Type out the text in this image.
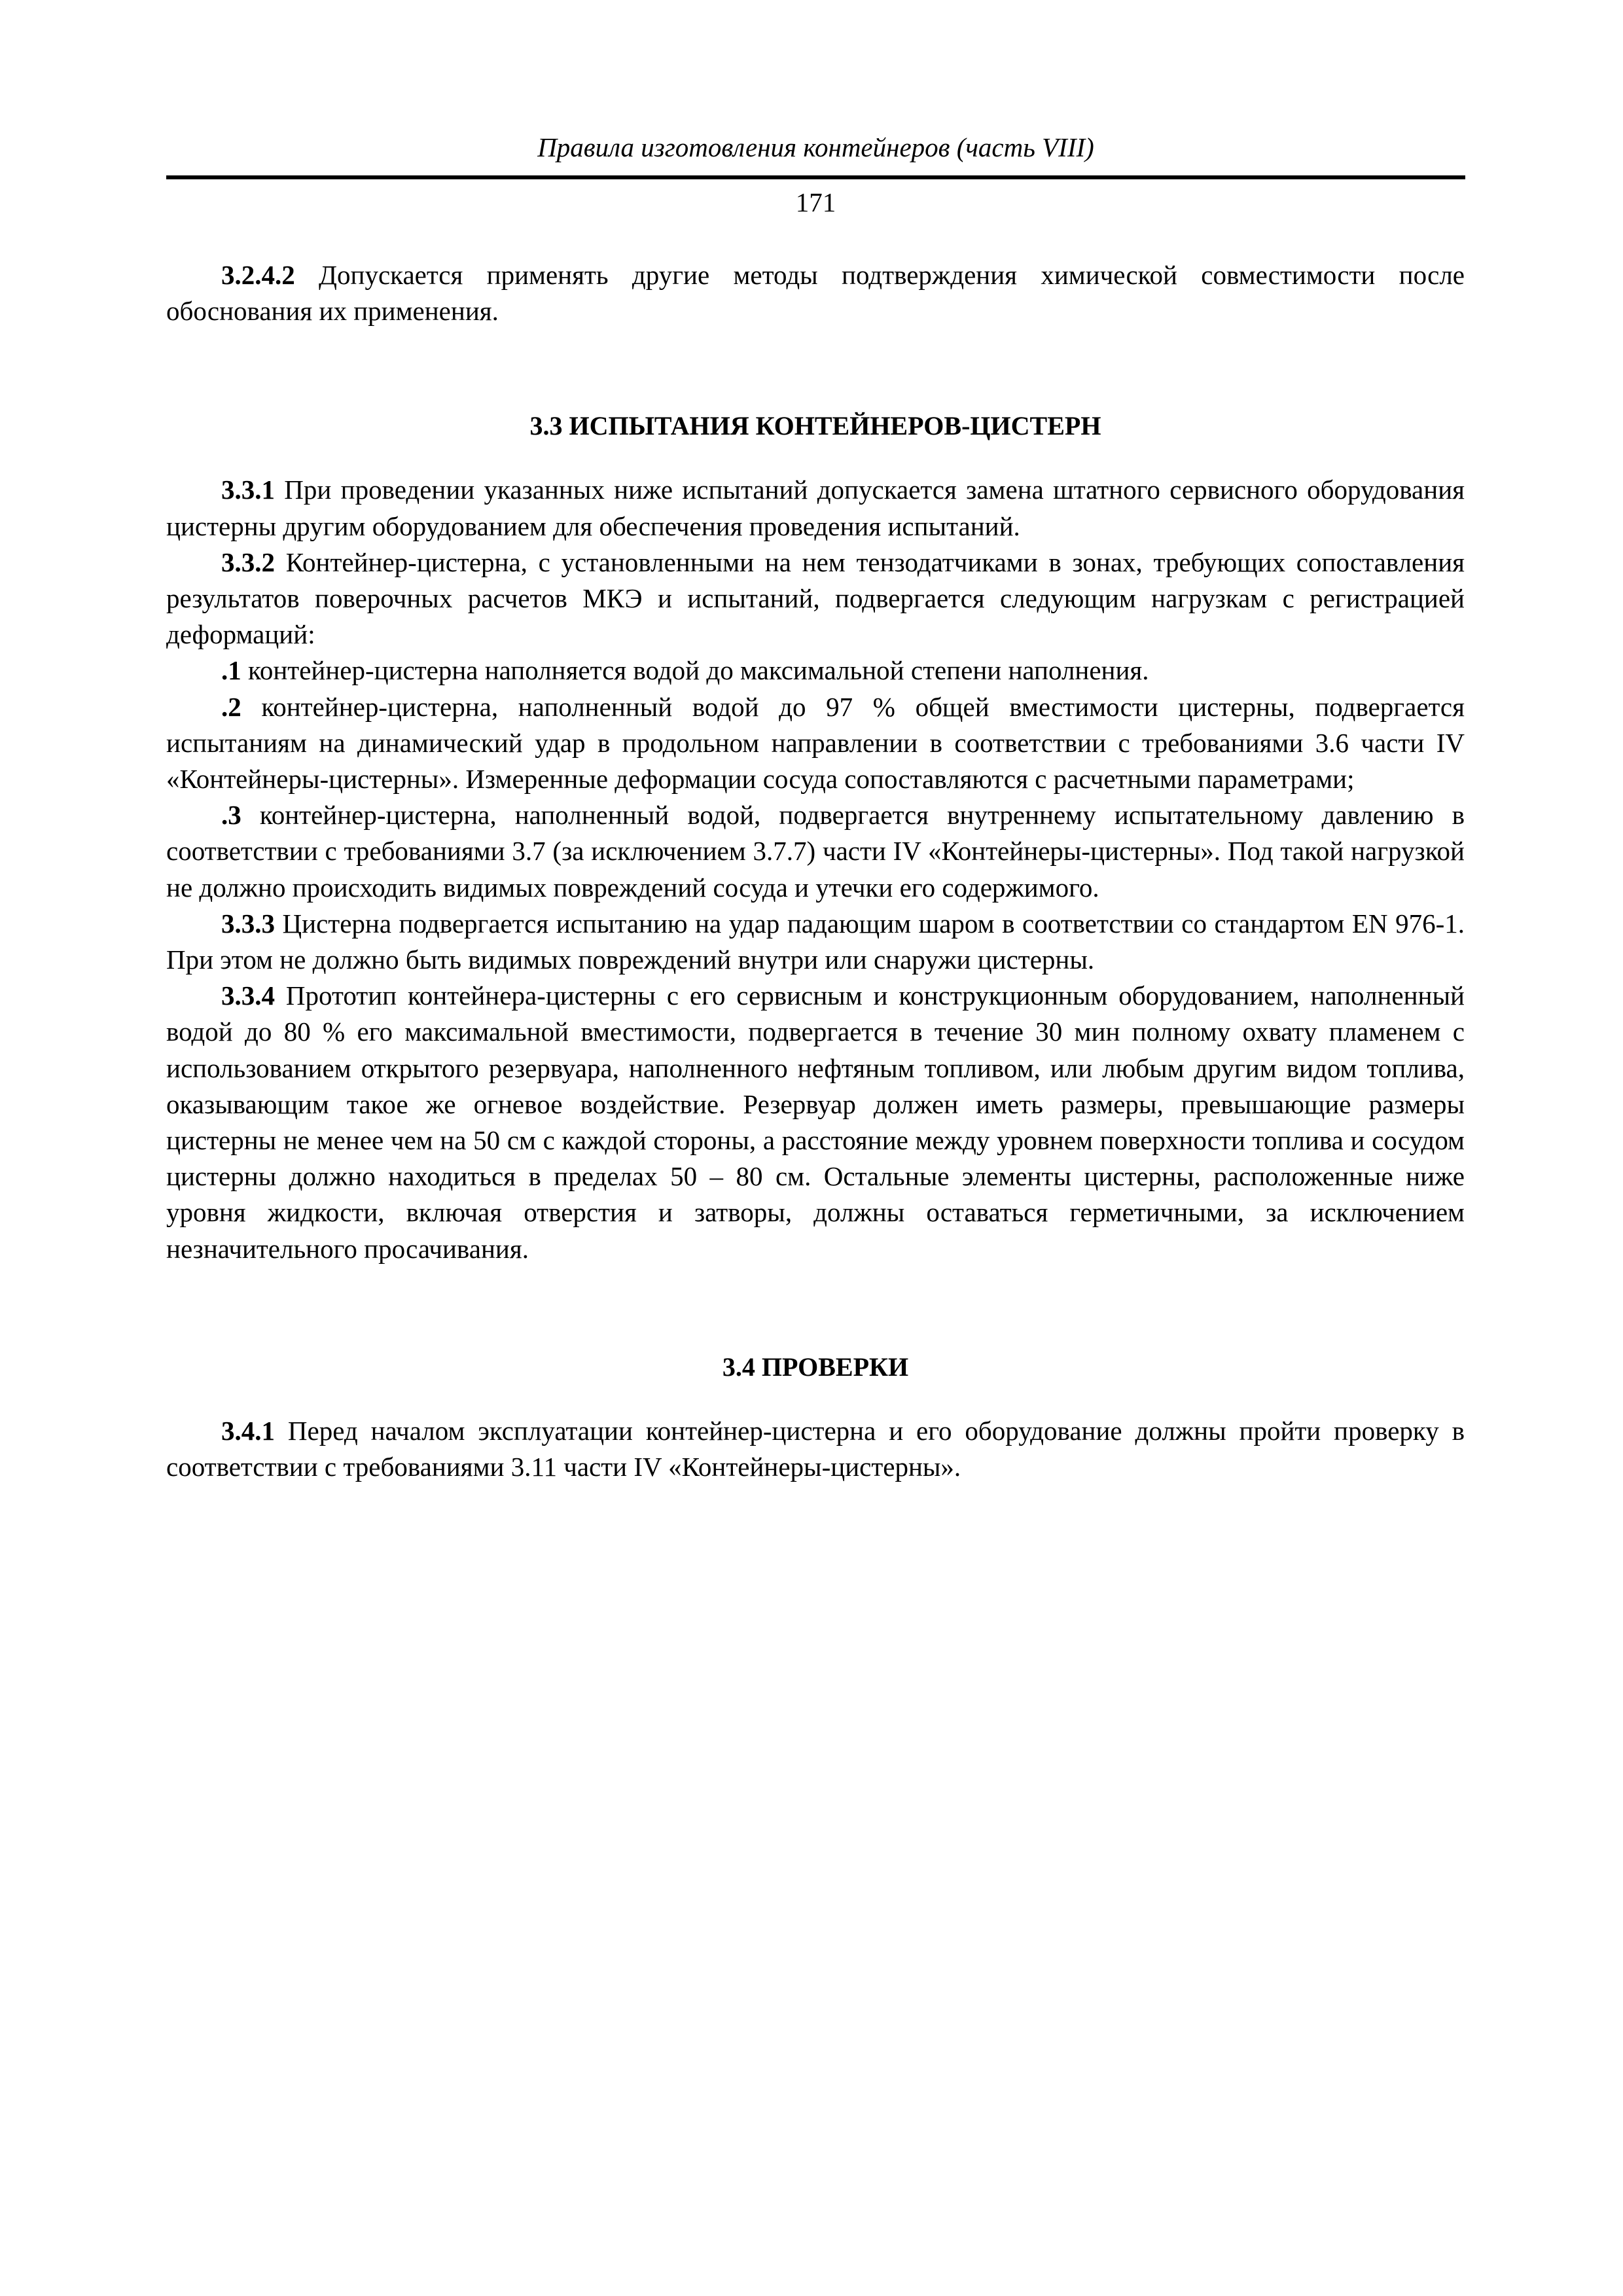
Правила изготовления контейнеров (часть VIII)
171

3.2.4.2 Допускается применять другие методы подтверждения химической совместимости после обоснования их применения.

3.3 ИСПЫТАНИЯ КОНТЕЙНЕРОВ-ЦИСТЕРН

3.3.1 При проведении указанных ниже испытаний допускается замена штатного сервисного оборудования цистерны другим оборудованием для обеспечения проведения испытаний.

3.3.2 Контейнер-цистерна, с установленными на нем тензодатчиками в зонах, требующих сопоставления результатов поверочных расчетов МКЭ и испытаний, подвергается следующим нагрузкам с регистрацией деформаций:

.1 контейнер-цистерна наполняется водой до максимальной степени наполнения.

.2 контейнер-цистерна, наполненный водой до 97 % общей вместимости цистерны, подвергается испытаниям на динамический удар в продольном направлении в соответствии с требованиями 3.6 части IV «Контейнеры-цистерны». Измеренные деформации сосуда сопоставляются с расчетными параметрами;

.3 контейнер-цистерна, наполненный водой, подвергается внутреннему испытательному давлению в соответствии с требованиями 3.7 (за исключением 3.7.7) части IV «Контейнеры-цистерны». Под такой нагрузкой не должно происходить видимых повреждений сосуда и утечки его содержимого.

3.3.3 Цистерна подвергается испытанию на удар падающим шаром в соответствии со стандартом EN 976-1. При этом не должно быть видимых повреждений внутри или снаружи цистерны.

3.3.4 Прототип контейнера-цистерны с его сервисным и конструкционным оборудованием, наполненный водой до 80 % его максимальной вместимости, подвергается в течение 30 мин полному охвату пламенем с использованием открытого резервуара, наполненного нефтяным топливом, или любым другим видом топлива, оказывающим такое же огневое воздействие. Резервуар должен иметь размеры, превышающие размеры цистерны не менее чем на 50 см с каждой стороны, а расстояние между уровнем поверхности топлива и сосудом цистерны должно находиться в пределах 50 – 80 см. Остальные элементы цистерны, расположенные ниже уровня жидкости, включая отверстия и затворы, должны оставаться герметичными, за исключением незначительного просачивания.

3.4 ПРОВЕРКИ

3.4.1 Перед началом эксплуатации контейнер-цистерна и его оборудование должны пройти проверку в соответствии с требованиями 3.11 части IV «Контейнеры-цистерны».
